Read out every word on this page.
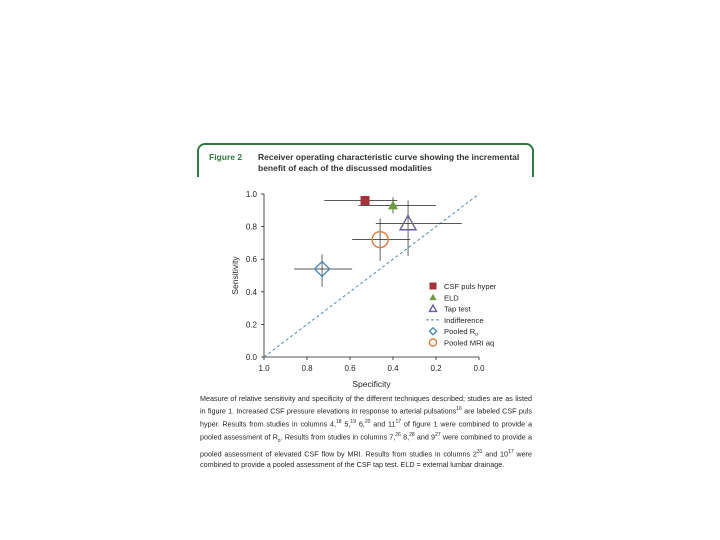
Figure 2 Receiver operating characteristic curve showing the incremental benefit of each of the discussed modalities
1.0	0.8	0.6	0.4	0.2	0.0
0.0
0.2
0.4
0.6
0.8
1.0
Specificity
Sensitivity	CSF puls hyper
ELD
Tap test
Indifference
Pooled $R_o$
Pooled MRI aq
Measure of relative sensitivity and specificity of the different techniques described; studies are as listed in figure 1. Increased CSF pressure elevations in response to arterial pulsations$^{16}$ are labeled CSF puls hyper. Results from studies in columns 4,18 5,19 6,20 and $11^{17}$ of figure 1 were combined to provide a pooled assessment of $R_o$. Results from studies in columns 7,26 8,28 and $9^{27}$ were combined to provide a pooled assessment of elevated CSF flow by MRI. Results from studies in columns $2^{31}$ and $10^{17}$ were combined to provide a pooled assessment of the CSF tap test. ELD = external lumbar drainage.
